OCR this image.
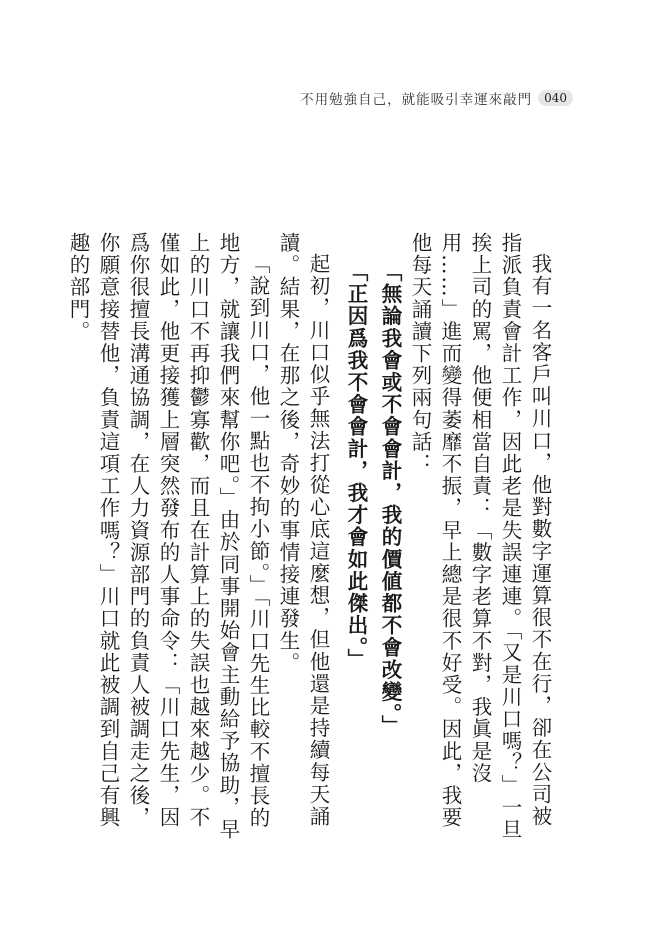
不用勉強自己，就能吸引幸運來敲門	040

我有一名客戶叫川口，他對數字運算很不在行，卻在公司被指派負責會計工作，因此老是失誤連連。「又是川口嗎？」一旦挨上司的罵，他便相當自責：「數字老算不對，我眞是沒用……」進而變得萎靡不振，早上總是很不好受。因此，我要他每天誦讀下列兩句話：

「無論我會或不會會計，我的價値都不會改變。」

「正因爲我不會會計，我才會如此傑出。」

起初，川口似乎無法打從心底這麼想，但他還是持續每天誦讀。結果，在那之後，奇妙的事情接連發生。

「說到川口，他一點也不拘小節。」「川口先生比較不擅長的地方，就讓我們來幫你吧。」由於同事開始會主動給予協助，早上的川口不再抑鬱寡歡，而且在計算上的失誤也越來越少。不僅如此，他更接獲上層突然發布的人事命令：「川口先生，因爲你很擅長溝通協調，在人力資源部門的負責人被調走之後，你願意接替他，負責這項工作嗎？」川口就此被調到自己有興趣的部門。
